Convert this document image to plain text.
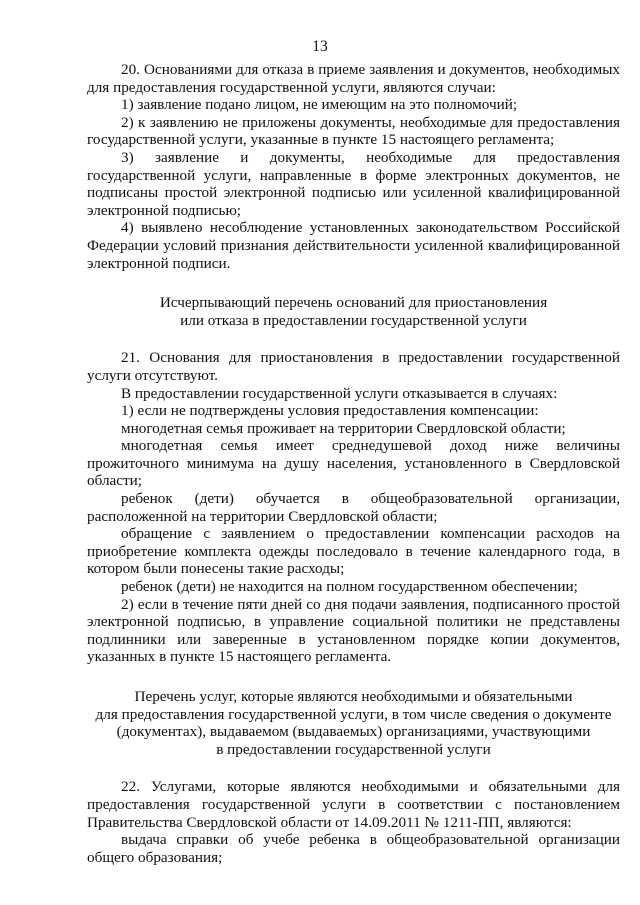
13

20. Основаниями для отказа в приеме заявления и документов, необходимых для предоставления государственной услуги, являются случаи:

1) заявление подано лицом, не имеющим на это полномочий;

2) к заявлению не приложены документы, необходимые для предоставления государственной услуги, указанные в пункте 15 настоящего регламента;

3) заявление и документы, необходимые для предоставления государственной услуги, направленные в форме электронных документов, не подписаны простой электронной подписью или усиленной квалифицированной электронной подписью;

4) выявлено несоблюдение установленных законодательством Российской Федерации условий признания действительности усиленной квалифицированной электронной подписи.

Исчерпывающий перечень оснований для приостановления
или отказа в предоставлении государственной услуги

21. Основания для приостановления в предоставлении государственной услуги отсутствуют.

В предоставлении государственной услуги отказывается в случаях:

1) если не подтверждены условия предоставления компенсации:

многодетная семья проживает на территории Свердловской области;

многодетная семья имеет среднедушевой доход ниже величины прожиточного минимума на душу населения, установленного в Свердловской области;

ребенок (дети) обучается в общеобразовательной организации, расположенной на территории Свердловской области;

обращение с заявлением о предоставлении компенсации расходов на приобретение комплекта одежды последовало в течение календарного года, в котором были понесены такие расходы;

ребенок (дети) не находится на полном государственном обеспечении;

2) если в течение пяти дней со дня подачи заявления, подписанного простой электронной подписью, в управление социальной политики не представлены подлинники или заверенные в установленном порядке копии документов, указанных в пункте 15 настоящего регламента.

Перечень услуг, которые являются необходимыми и обязательными
для предоставления государственной услуги, в том числе сведения о документе
(документах), выдаваемом (выдаваемых) организациями, участвующими
в предоставлении государственной услуги

22. Услугами, которые являются необходимыми и обязательными для предоставления государственной услуги в соответствии с постановлением Правительства Свердловской области от 14.09.2011 № 1211-ПП, являются:

выдача справки об учебе ребенка в общеобразовательной организации общего образования;
